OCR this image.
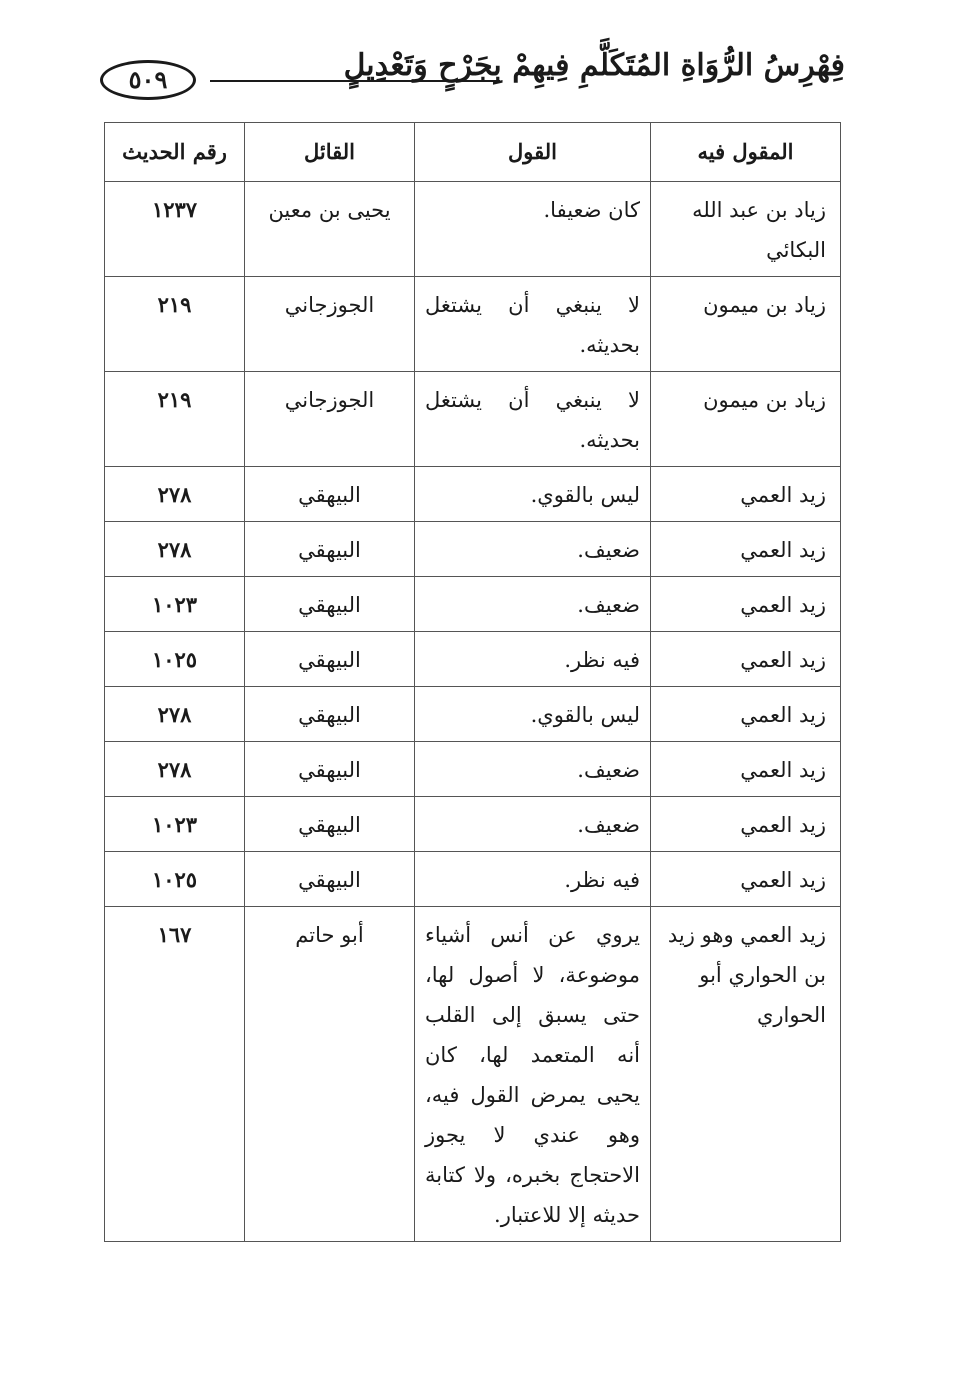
فِهْرِسُ الرُّوَاةِ المُتَكَلَّمِ فِيهِمْ بِجَرْحٍ وَتَعْدِيلٍ
٥٠٩
المقول فيه	القول	القائل	رقم الحديث
زياد بن عبد الله البكائي	كان ضعيفا.	يحيى بن معين	١٢٣٧
زياد بن ميمون	لا ينبغي أن يشتغل بحديثه.	الجوزجاني	٢١٩
زياد بن ميمون	لا ينبغي أن يشتغل بحديثه.	الجوزجاني	٢١٩
زيد العمي	ليس بالقوي.	البيهقي	٢٧٨
زيد العمي	ضعيف.	البيهقي	٢٧٨
زيد العمي	ضعيف.	البيهقي	١٠٢٣
زيد العمي	فيه نظر.	البيهقي	١٠٢٥
زيد العمي	ليس بالقوي.	البيهقي	٢٧٨
زيد العمي	ضعيف.	البيهقي	٢٧٨
زيد العمي	ضعيف.	البيهقي	١٠٢٣
زيد العمي	فيه نظر.	البيهقي	١٠٢٥
زيد العمي وهو زيد بن الحواري أبو الحواري	يروي عن أنس أشياء موضوعة، لا أصول لها، حتى يسبق إلى القلب أنه المتعمد لها، كان يحيى يمرض القول فيه، وهو عندي لا يجوز الاحتجاج بخبره، ولا كتابة حديثه إلا للاعتبار.	أبو حاتم	١٦٧
